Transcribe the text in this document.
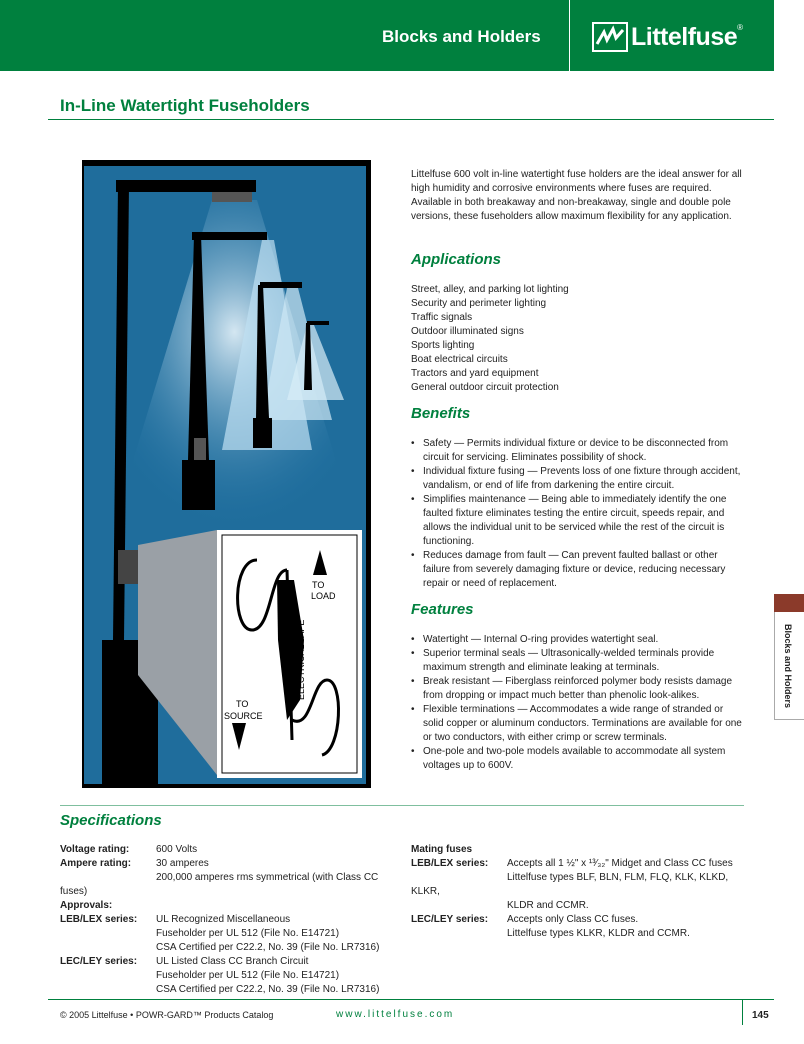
Blocks and Holders	Littelfuse ®
In-Line Watertight Fuseholders
TO
LOAD
TO
SOURCE
ELECTRICAL TAPE
Littelfuse 600 volt in-line watertight fuse holders are the ideal answer for all high humidity and corrosive environments where fuses are required. Available in both breakaway and non-breakaway, single and double pole versions, these fuseholders allow maximum flexibility for any application.
Applications
Street, alley, and parking lot lighting
Security and perimeter lighting
Traffic signals
Outdoor illuminated signs
Sports lighting
Boat electrical circuits
Tractors and yard equipment
General outdoor circuit protection
Benefits
• Safety — Permits individual fixture or device to be disconnected from circuit for servicing. Eliminates possibility of shock.
• Individual fixture fusing — Prevents loss of one fixture through accident, vandalism, or end of life from darkening the entire circuit.
• Simplifies maintenance — Being able to immediately identify the one faulted fixture eliminates testing the entire circuit, speeds repair, and allows the individual unit to be serviced while the rest of the circuit is functioning.
• Reduces damage from fault — Can prevent faulted ballast or other failure from severely damaging fixture or device, reducing necessary repair or need of replacement.
Features
• Watertight — Internal O-ring provides watertight seal.
• Superior terminal seals — Ultrasonically-welded terminals provide maximum strength and eliminate leaking at terminals.
• Break resistant — Fiberglass reinforced polymer body resists damage from dropping or impact much better than phenolic look-alikes.
• Flexible terminations — Accommodates a wide range of stranded or solid copper or aluminum conductors. Terminations are available for one or two conductors, with either crimp or screw terminals.
• One-pole and two-pole models available to accommodate all system voltages up to 600V.
Specifications
Voltage rating:	600 Volts
Ampere rating: 30 amperes
200,000 amperes rms symmetrical (with Class CC fuses)
Approvals:

LEB/LEX series: UL Recognized Miscellaneous
Fuseholder per UL 512 (File No. E14721)
CSA Certified per C22.2, No. 39 (File No. LR7316)
LEC/LEY series: UL Listed Class CC Branch Circuit
Fuseholder per UL 512 (File No. E14721)
CSA Certified per C22.2, No. 39 (File No. LR7316)
Mating fuses

LEB/LEX series: Accepts all 1 ½" x ¹³⁄₃₂" Midget and Class CC fuses
Littelfuse types BLF, BLN, FLM, FLQ, KLK, KLKD, KLKR,
KLDR and CCMR.
LEC/LEY series: Accepts only Class CC fuses.
Littelfuse types KLKR, KLDR and CCMR.
© 2005 Littelfuse • POWR-GARD™ Products Catalog	www.littelfuse.com	145
Blocks and Holders
